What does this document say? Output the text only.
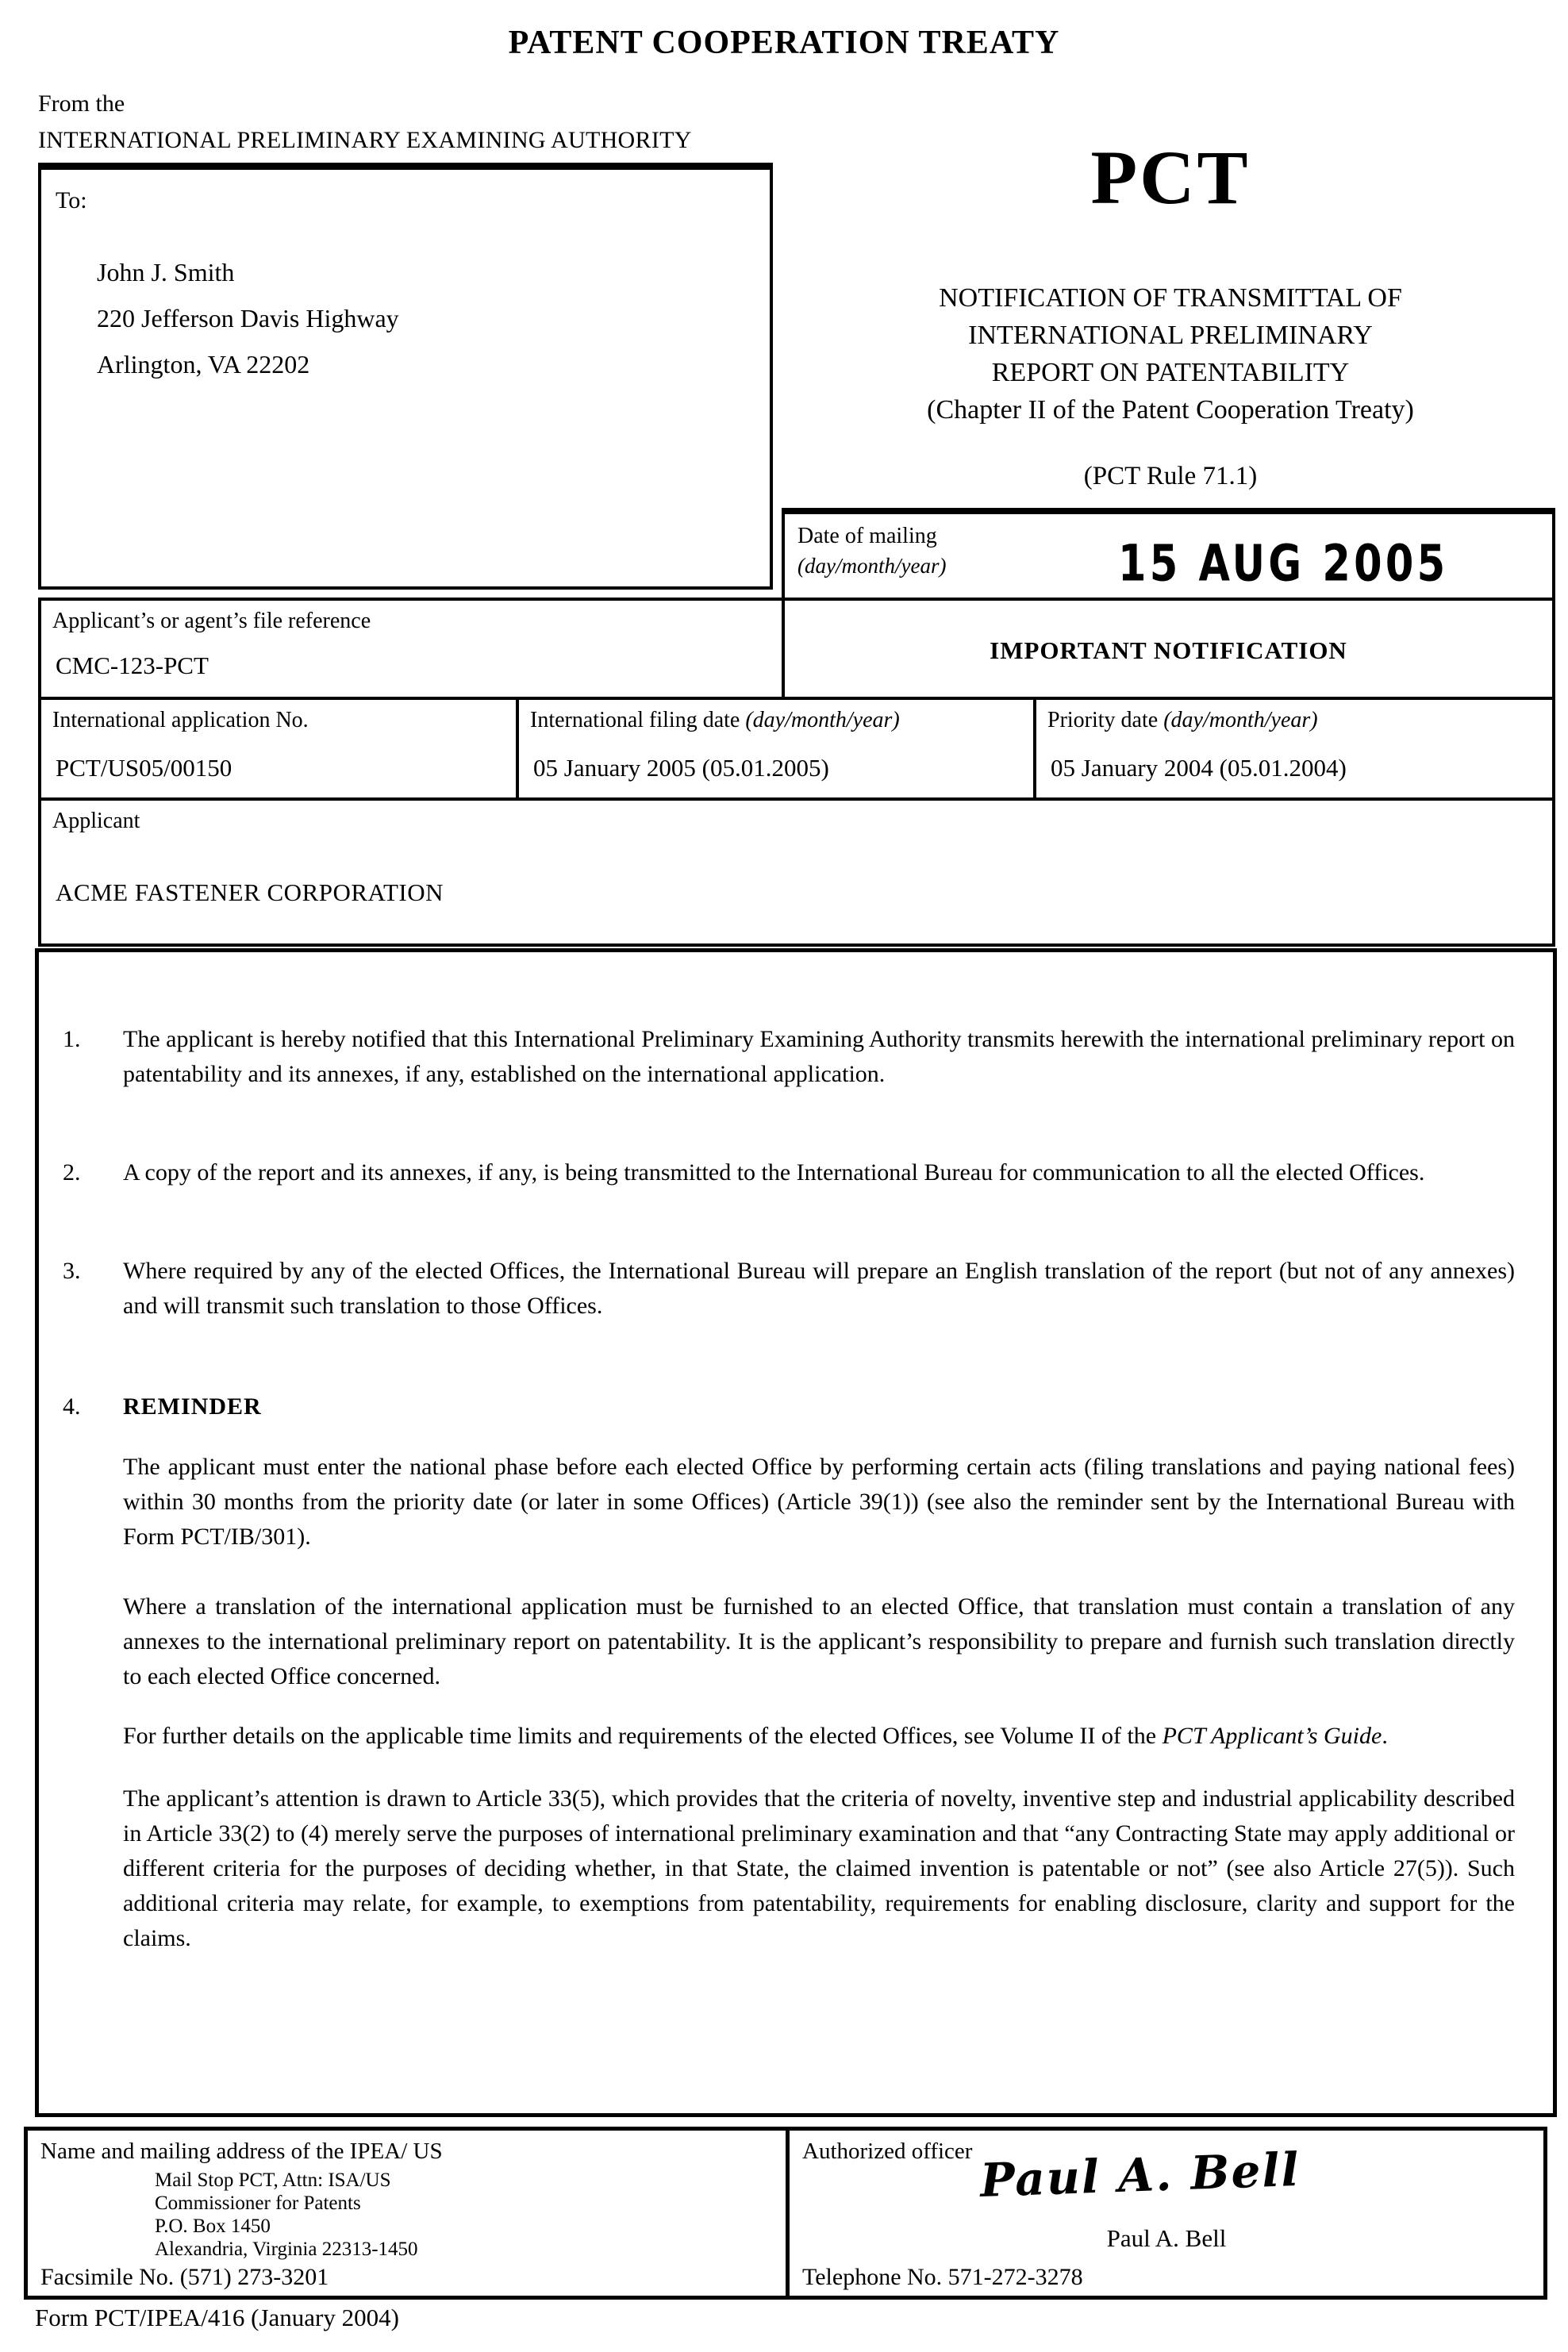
PATENT COOPERATION TREATY
From the
INTERNATIONAL PRELIMINARY EXAMINING AUTHORITY
To:
John J. Smith
220 Jefferson Davis Highway
Arlington, VA 22202
PCT
NOTIFICATION OF TRANSMITTAL OF
INTERNATIONAL PRELIMINARY
REPORT ON PATENTABILITY
(Chapter II of the Patent Cooperation Treaty)
(PCT Rule 71.1)
Date of mailing
(day/month/year)	15 AUG 2005
Applicant’s or agent’s file reference
CMC-123-PCT
IMPORTANT NOTIFICATION
International application No.
PCT/US05/00150
International filing date (day/month/year)
05 January 2005 (05.01.2005)
Priority date (day/month/year)
05 January 2004 (05.01.2004)
Applicant
ACME FASTENER CORPORATION
1.	The applicant is hereby notified that this International Preliminary Examining Authority transmits herewith the international preliminary report on patentability and its annexes, if any, established on the international application.
2.	A copy of the report and its annexes, if any, is being transmitted to the International Bureau for communication to all the elected Offices.
3.	Where required by any of the elected Offices, the International Bureau will prepare an English translation of the report (but not of any annexes) and will transmit such translation to those Offices.
4.	REMINDER
The applicant must enter the national phase before each elected Office by performing certain acts (filing translations and paying national fees) within 30 months from the priority date (or later in some Offices) (Article 39(1)) (see also the reminder sent by the International Bureau with Form PCT/IB/301).
Where a translation of the international application must be furnished to an elected Office, that translation must contain a translation of any annexes to the international preliminary report on patentability. It is the applicant’s responsibility to prepare and furnish such translation directly to each elected Office concerned.
For further details on the applicable time limits and requirements of the elected Offices, see Volume II of the PCT Applicant’s Guide.
The applicant’s attention is drawn to Article 33(5), which provides that the criteria of novelty, inventive step and industrial applicability described in Article 33(2) to (4) merely serve the purposes of international preliminary examination and that “any Contracting State may apply additional or different criteria for the purposes of deciding whether, in that State, the claimed invention is patentable or not” (see also Article 27(5)). Such additional criteria may relate, for example, to exemptions from patentability, requirements for enabling disclosure, clarity and support for the claims.
Name and mailing address of the IPEA/ US
Mail Stop PCT, Attn: ISA/US
Commissioner for Patents
P.O. Box 1450
Alexandria, Virginia 22313-1450
Facsimile No. (571) 273-3201
Authorized officer Paul A. Bell
Paul A. Bell
Telephone No. 571-272-3278
Form PCT/IPEA/416 (January 2004)
